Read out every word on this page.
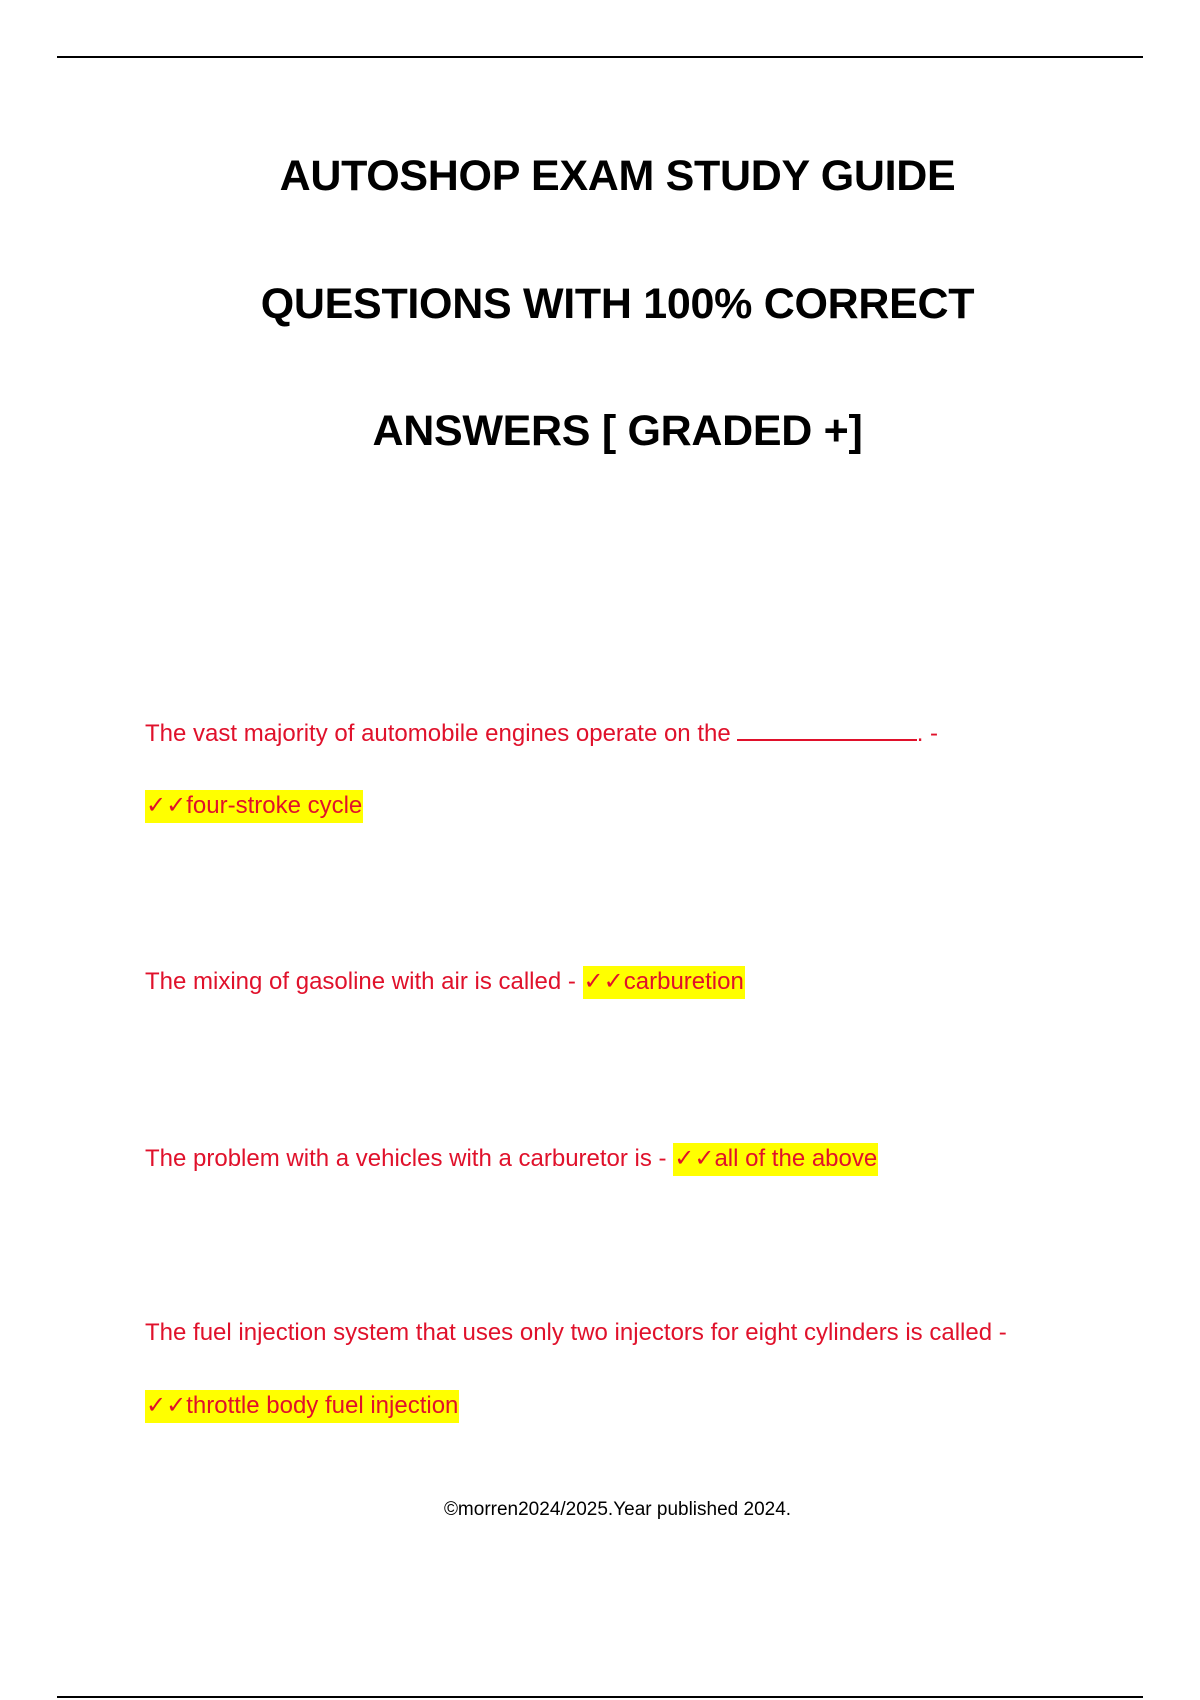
AUTOSHOP EXAM STUDY GUIDE
QUESTIONS WITH 100% CORRECT
ANSWERS [ GRADED +]
The vast majority of automobile engines operate on the	. -
✓✓four-stroke cycle
The mixing of gasoline with air is called - ✓✓carburetion
The problem with a vehicles with a carburetor is - ✓✓all of the above
The fuel injection system that uses only two injectors for eight cylinders is called -
✓✓throttle body fuel injection
©morren2024/2025.Year published 2024.
